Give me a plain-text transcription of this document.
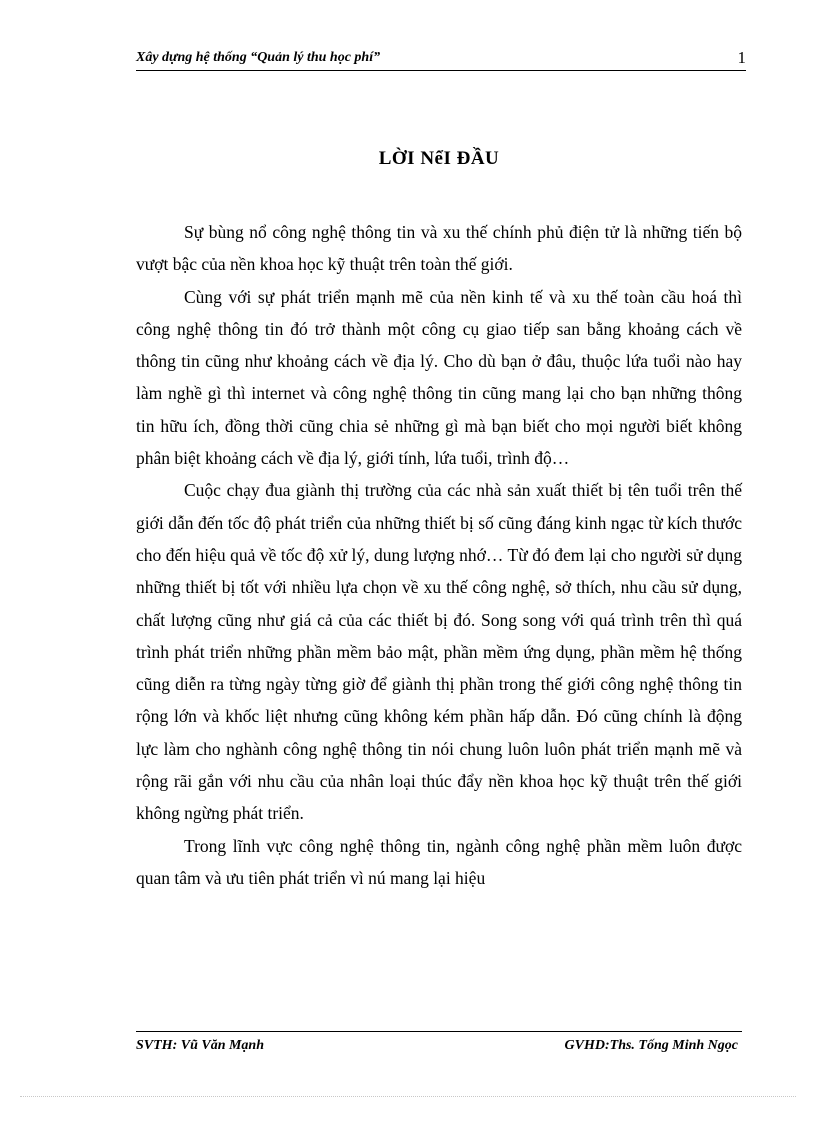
Xây dựng hệ thống “Quản lý thu học phí”	1
LỜI NểI ĐẦU

Sự bùng nổ công nghệ thông tin và xu thế chính phủ điện tử là những tiến bộ vượt bậc của nền khoa học kỹ thuật trên toàn thế giới.

Cùng với sự phát triển mạnh mẽ của nền kinh tế và xu thế toàn cầu hoá thì công nghệ thông tin đó trở thành một công cụ giao tiếp san bằng khoảng cách về thông tin cũng như khoảng cách về địa lý. Cho dù bạn ở đâu, thuộc lứa tuổi nào hay làm nghề gì thì internet và công nghệ thông tin cũng mang lại cho bạn những thông tin hữu ích, đồng thời cũng chia sẻ những gì mà bạn biết cho mọi người biết không phân biệt khoảng cách về địa lý, giới tính, lứa tuổi, trình độ…

Cuộc chạy đua giành thị trường của các nhà sản xuất thiết bị tên tuổi trên thế giới dẫn đến tốc độ phát triển của những thiết bị số cũng đáng kinh ngạc từ kích thước cho đến hiệu quả về tốc độ xử lý, dung lượng nhớ… Từ đó đem lại cho người sử dụng những thiết bị tốt với nhiều lựa chọn về xu thế công nghệ, sở thích, nhu cầu sử dụng, chất lượng cũng như giá cả của các thiết bị đó. Song song với quá trình trên thì quá trình phát triển những phần mềm bảo mật, phần mềm ứng dụng, phần mềm hệ thống cũng diễn ra từng ngày từng giờ để giành thị phần trong thế giới công nghệ thông tin rộng lớn và khốc liệt nhưng cũng không kém phần hấp dẫn. Đó cũng chính là động lực làm cho nghành công nghệ thông tin nói chung luôn luôn phát triển mạnh mẽ và rộng rãi gắn với nhu cầu của nhân loại thúc đẩy nền khoa học kỹ thuật trên thế giới không ngừng phát triển.

Trong lĩnh vực công nghệ thông tin, ngành công nghệ phần mềm luôn được quan tâm và ưu tiên phát triển vì nú mang lại hiệu

SVTH: Vũ Văn Mạnh	GVHD:Ths. Tống Minh Ngọc
